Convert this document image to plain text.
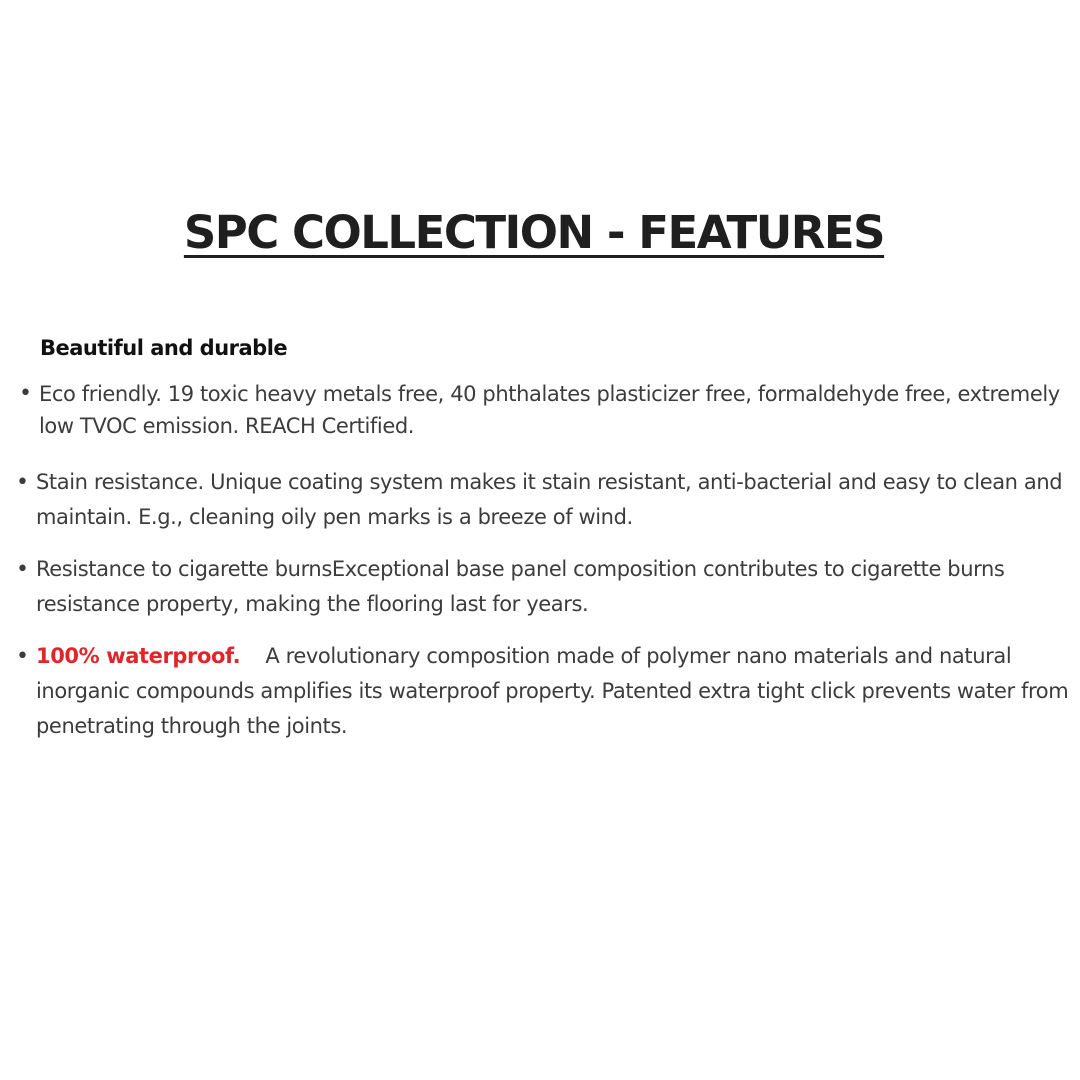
SPC COLLECTION - FEATURES
Beautiful and durable
• Eco friendly. 19 toxic heavy metals free, 40 phthalates plasticizer free, formaldehyde free, extremely low TVOC emission. REACH Certified.
• Stain resistance. Unique coating system makes it stain resistant, anti-bacterial and easy to clean and maintain. E.g., cleaning oily pen marks is a breeze of wind.
• Resistance to cigarette burnsExceptional base panel composition contributes to cigarette burns resistance property, making the flooring last for years.
• 100% waterproof. A revolutionary composition made of polymer nano materials and natural inorganic compounds amplifies its waterproof property. Patented extra tight click prevents water from penetrating through the joints.
